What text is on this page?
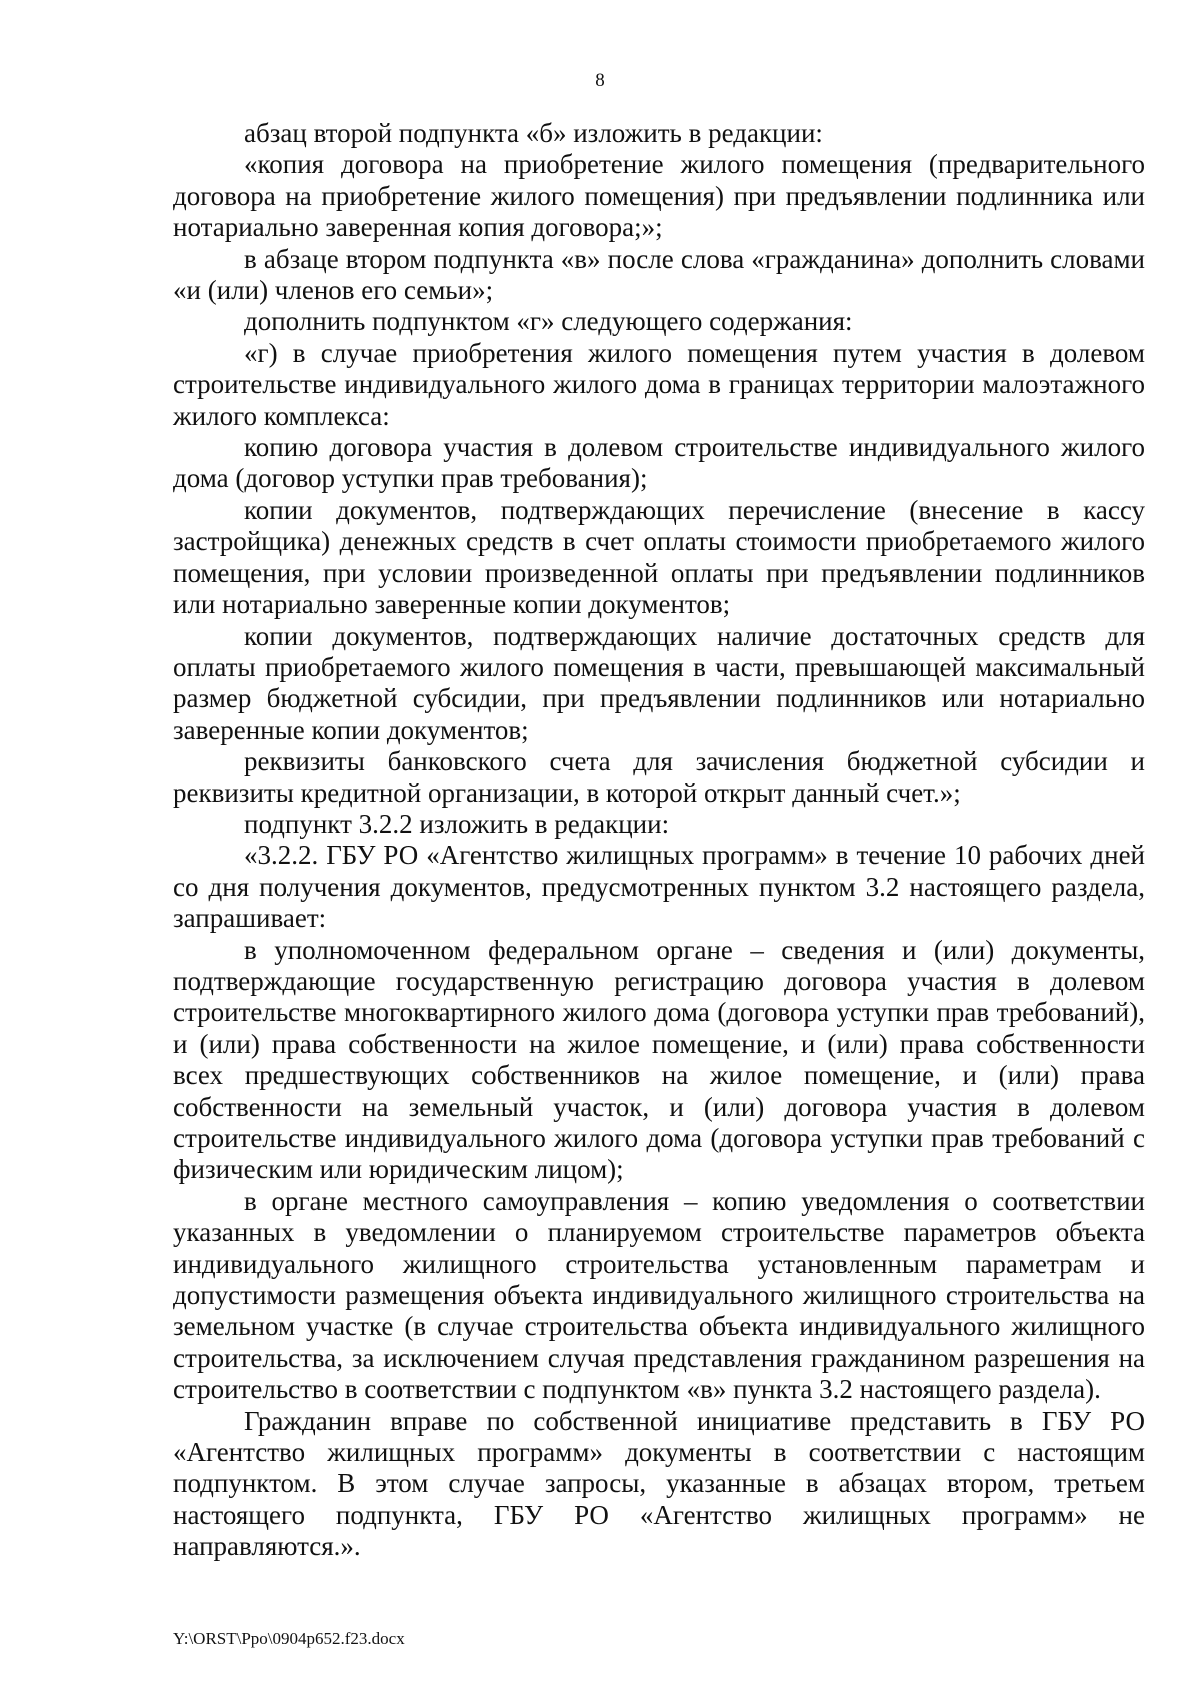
8

абзац второй подпункта «б» изложить в редакции:

«копия договора на приобретение жилого помещения (предварительного договора на приобретение жилого помещения) при предъявлении подлинника или нотариально заверенная копия договора;»;

в абзаце втором подпункта «в» после слова «гражданина» дополнить словами «и (или) членов его семьи»;

дополнить подпунктом «г» следующего содержания:

«г) в случае приобретения жилого помещения путем участия в долевом строительстве индивидуального жилого дома в границах территории малоэтажного жилого комплекса:

копию договора участия в долевом строительстве индивидуального жилого дома (договор уступки прав требования);

копии документов, подтверждающих перечисление (внесение в кассу застройщика) денежных средств в счет оплаты стоимости приобретаемого жилого помещения, при условии произведенной оплаты при предъявлении подлинников или нотариально заверенные копии документов;

копии документов, подтверждающих наличие достаточных средств для оплаты приобретаемого жилого помещения в части, превышающей максимальный размер бюджетной субсидии, при предъявлении подлинников или нотариально заверенные копии документов;

реквизиты банковского счета для зачисления бюджетной субсидии и реквизиты кредитной организации, в которой открыт данный счет.»;

подпункт 3.2.2 изложить в редакции:

«3.2.2. ГБУ РО «Агентство жилищных программ» в течение 10 рабочих дней со дня получения документов, предусмотренных пунктом 3.2 настоящего раздела, запрашивает:

в уполномоченном федеральном органе – сведения и (или) документы, подтверждающие государственную регистрацию договора участия в долевом строительстве многоквартирного жилого дома (договора уступки прав требований), и (или) права собственности на жилое помещение, и (или) права собственности всех предшествующих собственников на жилое помещение, и (или) права собственности на земельный участок, и (или) договора участия в долевом строительстве индивидуального жилого дома (договора уступки прав требований с физическим или юридическим лицом);

в органе местного самоуправления – копию уведомления о соответствии указанных в уведомлении о планируемом строительстве параметров объекта индивидуального жилищного строительства установленным параметрам и допустимости размещения объекта индивидуального жилищного строительства на земельном участке (в случае строительства объекта индивидуального жилищного строительства, за исключением случая представления гражданином разрешения на строительство в соответствии с подпунктом «в» пункта 3.2 настоящего раздела).

Гражданин вправе по собственной инициативе представить в ГБУ РО «Агентство жилищных программ» документы в соответствии с настоящим подпунктом. В этом случае запросы, указанные в абзацах втором, третьем настоящего подпункта, ГБУ РО «Агентство жилищных программ» не направляются.».

Y:\ORST\Ppo\0904p652.f23.docx
